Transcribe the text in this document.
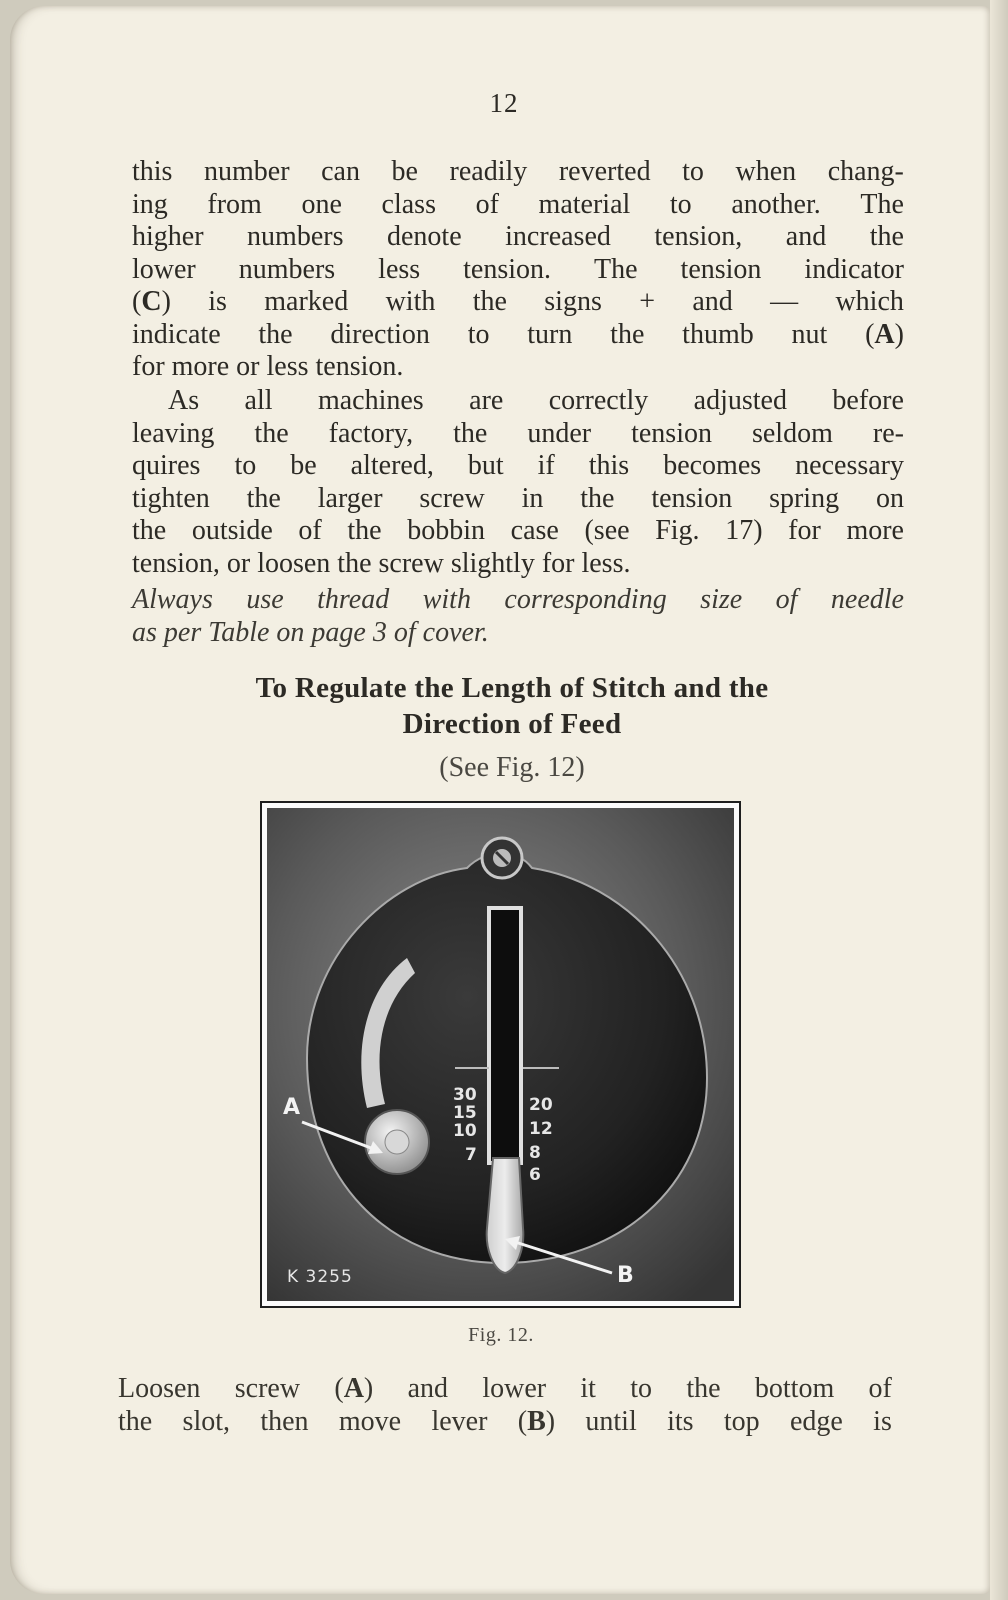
12
this number can be readily reverted to when chang-
ing from one class of material to another. The
higher numbers denote increased tension, and the
lower numbers less tension. The tension indicator
(C) is marked with the signs + and — which
indicate the direction to turn the thumb nut (A)
for more or less tension.
As all machines are correctly adjusted before
leaving the factory, the under tension seldom re-
quires to be altered, but if this becomes necessary
tighten the larger screw in the tension spring on
the outside of the bobbin case (see Fig. 17) for more
tension, or loosen the screw slightly for less.
Always use thread with corresponding size of needle
as per Table on page 3 of cover.
To Regulate the Length of Stitch and the
Direction of Feed
(See Fig. 12)
30
15
10
7
20
12
8
6
A
B
K 3255
Fig. 12.
Loosen screw (A) and lower it to the bottom of
the slot, then move lever (B) until its top edge is
